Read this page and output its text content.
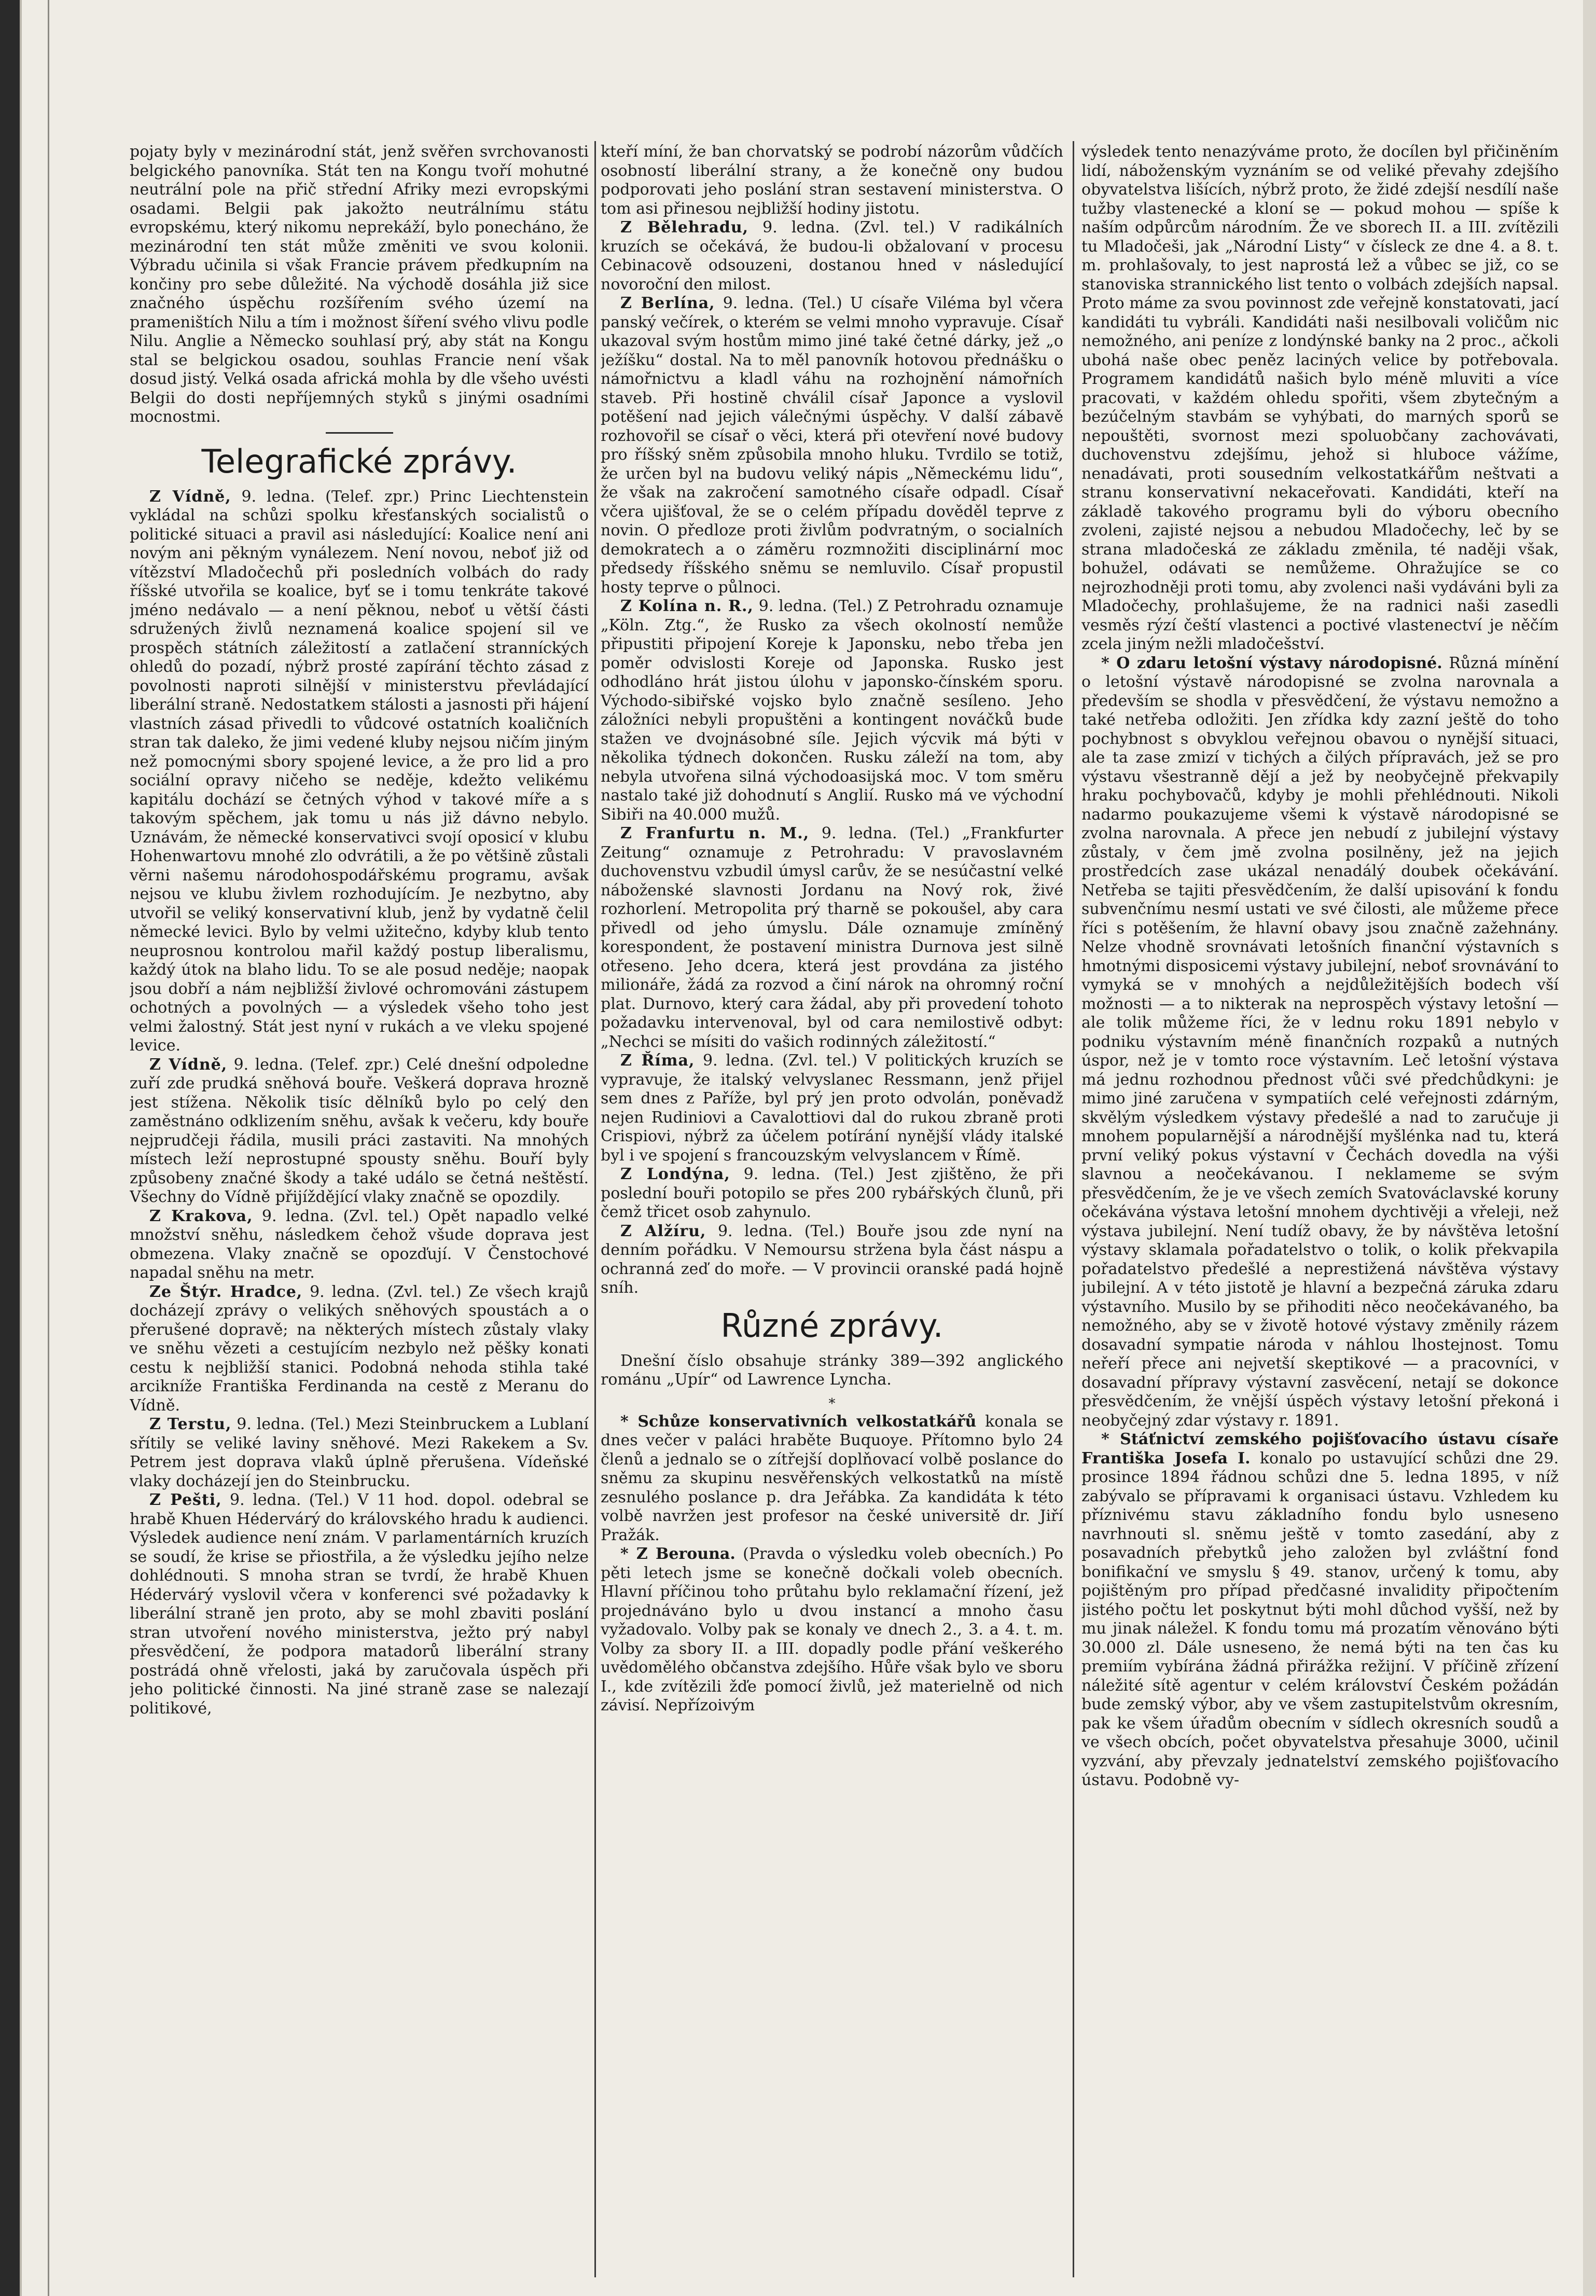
pojaty byly v mezinárodní stát, jenž svěřen svrchovanosti belgického panovníka. Stát ten na Kongu tvoří mohutné neutrální pole na přič střední Afriky mezi evropskými osadami. Belgii pak jakožto neutrálnímu státu evropskému, který nikomu neprekáží, bylo ponecháno, že mezinárodní ten stát může změniti ve svou kolonii. Výbradu učinila si však Francie právem předkupním na končiny pro sebe důležité. Na východě dosáhla již sice značného úspěchu rozšířením svého území na prameništích Nilu a tím i možnost šíření svého vlivu podle Nilu. Anglie a Německo souhlasí prý, aby stát na Kongu stal se belgickou osadou, souhlas Francie není však dosud jistý. Velká osada africká mohla by dle všeho uvésti Belgii do dosti nepříjemných styků s jinými osadními mocnostmi.

Telegrafické zprávy.

Z Vídně, 9. ledna. (Telef. zpr.) Princ Liechtenstein vykládal na schůzi spolku křesťanských socialistů o politické situaci a pravil asi následující: Koalice není ani novým ani pěkným vynálezem. Není novou, neboť již od vítězství Mladočechů při posledních volbách do rady říšské utvořila se koalice, byť se i tomu tenkráte takové jméno nedávalo — a není pěknou, neboť u větší části sdružených živlů neznamená koalice spojení sil ve prospěch státních záležitostí a zatlačení stranníckých ohledů do pozadí, nýbrž prosté zapírání těchto zásad z povolnosti naproti silnější v ministerstvu převládající liberální straně. Nedostatkem stálosti a jasnosti při hájení vlastních zásad přivedli to vůdcové ostatních koaličních stran tak daleko, že jimi vedené kluby nejsou ničím jiným než pomocnými sbory spojené levice, a že pro lid a pro sociální opravy ničeho se neděje, kdežto velikému kapitálu dochází se četných výhod v takové míře a s takovým spěchem, jak tomu u nás již dávno nebylo. Uznávám, že německé konservativci svojí oposicí v klubu Hohenwartovu mnohé zlo odvrátili, a že po většině zůstali věrni našemu národohospodářskému programu, avšak nejsou ve klubu živlem rozhodujícím. Je nezbytno, aby utvořil se veliký konservativní klub, jenž by vydatně čelil německé levici. Bylo by velmi užitečno, kdyby klub tento neuprosnou kontrolou mařil každý postup liberalismu, každý útok na blaho lidu. To se ale posud neděje; naopak jsou dobří a nám nejbližší živlové ochromováni zástupem ochotných a povolných — a výsledek všeho toho jest velmi žalostný. Stát jest nyní v rukách a ve vleku spojené levice.

Z Vídně, 9. ledna. (Telef. zpr.) Celé dnešní odpoledne zuří zde prudká sněhová bouře. Veškerá doprava hrozně jest stížena. Několik tisíc dělníků bylo po celý den zaměstnáno odklizením sněhu, avšak k večeru, kdy bouře nejprudčeji řádila, musili práci zastaviti. Na mnohých místech leží neprostupné spousty sněhu. Bouří byly způsobeny značné škody a také událo se četná neštěstí. Všechny do Vídně přijíždějící vlaky značně se opozdily.

Z Krakova, 9. ledna. (Zvl. tel.) Opět napadlo velké množství sněhu, následkem čehož všude doprava jest obmezena. Vlaky značně se opozďují. V Čenstochové napadal sněhu na metr.

Ze Štýr. Hradce, 9. ledna. (Zvl. tel.) Ze všech krajů docházejí zprávy o velikých sněhových spoustách a o přerušené dopravě; na některých místech zůstaly vlaky ve sněhu vězeti a cestujícím nezbylo než pěšky konati cestu k nejbližší stanici. Podobná nehoda stihla také arcikníže Františka Ferdinanda na cestě z Meranu do Vídně.

Z Terstu, 9. ledna. (Tel.) Mezi Steinbruckem a Lublaní sřítily se veliké laviny sněhové. Mezi Rakekem a Sv. Petrem jest doprava vlaků úplně přerušena. Vídeňské vlaky docházejí jen do Steinbrucku.

Z Pešti, 9. ledna. (Tel.) V 11 hod. dopol. odebral se hrabě Khuen Hédervárý do královského hradu k audienci. Výsledek audience není znám. V parlamentárních kruzích se soudí, že krise se přiostřila, a že výsledku jejího nelze dohlédnouti. S mnoha stran se tvrdí, že hrabě Khuen Hédervárý vyslovil včera v konferenci své požadavky k liberální straně jen proto, aby se mohl zbaviti poslání stran utvoření nového ministerstva, ježto prý nabyl přesvědčení, že podpora matadorů liberální strany postrádá ohně vřelosti, jaká by zaručovala úspěch při jeho politické činnosti. Na jiné straně zase se nalezají politikové,

kteří míní, že ban chorvatský se podrobí názorům vůdčích osobností liberální strany, a že konečně ony budou podporovati jeho poslání stran sestavení ministerstva. O tom asi přinesou nejbližší hodiny jistotu.

Z Bělehradu, 9. ledna. (Zvl. tel.) V radikálních kruzích se očekává, že budou-li obžalovaní v procesu Cebinacově odsouzeni, dostanou hned v následující novoroční den milost.

Z Berlína, 9. ledna. (Tel.) U císaře Viléma byl včera panský večírek, o kterém se velmi mnoho vypravuje. Císař ukazoval svým hostům mimo jiné také četné dárky, jež „o ježíšku“ dostal. Na to měl panovník hotovou přednášku o námořnictvu a kladl váhu na rozhojnění námořních staveb. Při hostině chválil císař Japonce a vyslovil potěšení nad jejich válečnými úspěchy. V další zábavě rozhovořil se císař o věci, která při otevření nové budovy pro říšský sněm způsobila mnoho hluku. Tvrdilo se totiž, že určen byl na budovu veliký nápis „Německému lidu“, že však na zakročení samotného císaře odpadl. Císař včera ujišťoval, že se o celém případu dověděl teprve z novin. O předloze proti živlům podvratným, o socialních demokratech a o záměru rozmnožiti disciplinární moc předsedy říšského sněmu se nemluvilo. Císař propustil hosty teprve o půlnoci.

Z Kolína n. R., 9. ledna. (Tel.) Z Petrohradu oznamuje „Köln. Ztg.“, že Rusko za všech okolností nemůže připustiti připojení Koreje k Japonsku, nebo třeba jen poměr odvislosti Koreje od Japonska. Rusko jest odhodláno hrát jistou úlohu v japonsko-čínském sporu. Východo-sibiřské vojsko bylo značně sesíleno. Jeho záložníci nebyli propuštěni a kontingent nováčků bude stažen ve dvojnásobné síle. Jejich výcvik má býti v několika týdnech dokončen. Rusku záleží na tom, aby nebyla utvořena silná východoasijská moc. V tom směru nastalo také již dohodnutí s Anglií. Rusko má ve východní Sibiři na 40.000 mužů.

Z Franfurtu n. M., 9. ledna. (Tel.) „Frankfurter Zeitung“ oznamuje z Petrohradu: V pravoslavném duchovenstvu vzbudil úmysl carův, že se nesúčastní velké náboženské slavnosti Jordanu na Nový rok, živé rozhorlení. Metropolita prý tharně se pokoušel, aby cara přivedl od jeho úmyslu. Dále oznamuje zmíněný korespondent, že postavení ministra Durnova jest silně otřeseno. Jeho dcera, která jest provdána za jistého milionáře, žádá za rozvod a činí nárok na ohromný roční plat. Durnovo, který cara žádal, aby při provedení tohoto požadavku intervenoval, byl od cara nemilostivě odbyt: „Nechci se mísiti do vašich rodinných záležitostí.“

Z Říma, 9. ledna. (Zvl. tel.) V politických kruzích se vypravuje, že italský velvyslanec Ressmann, jenž přijel sem dnes z Paříže, byl prý jen proto odvolán, poněvadž nejen Rudiniovi a Cavalottiovi dal do rukou zbraně proti Crispiovi, nýbrž za účelem potírání nynější vlády italské byl i ve spojení s francouzským velvyslancem v Římě.

Z Londýna, 9. ledna. (Tel.) Jest zjištěno, že při poslední bouři potopilo se přes 200 rybářských člunů, při čemž třicet osob zahynulo.

Z Alžíru, 9. ledna. (Tel.) Bouře jsou zde nyní na denním pořádku. V Nemoursu stržena byla část náspu a ochranná zeď do moře. — V provincii oranské padá hojně sníh.

Různé zprávy.

Dnešní číslo obsahuje stránky 389—392 anglického románu „Upír“ od Lawrence Lyncha.

*

* Schůze konservativních velkostatkářů konala se dnes večer v paláci hraběte Buquoye. Přítomno bylo 24 členů a jednalo se o zítřejší doplňovací volbě poslance do sněmu za skupinu nesvěřenských velkostatků na místě zesnulého poslance p. dra Jeřábka. Za kandidáta k této volbě navržen jest profesor na české universitě dr. Jiří Pražák.

* Z Berouna. (Pravda o výsledku voleb obecních.) Po pěti letech jsme se konečně dočkali voleb obecních. Hlavní příčinou toho průtahu bylo reklamační řízení, jež projednáváno bylo u dvou instancí a mnoho času vyžadovalo. Volby pak se konaly ve dnech 2., 3. a 4. t. m. Volby za sbory II. a III. dopadly podle přání veškerého uvědomělého občanstva zdejšího. Hůře však bylo ve sboru I., kde zvítězili žďe pomocí živlů, jež materielně od nich závisí. Nepřízoivým

výsledek tento nenazýváme proto, že docílen byl přičiněním lidí, náboženským vyznáním se od veliké převahy zdejšího obyvatelstva lišících, nýbrž proto, že židé zdejší nesdílí naše tužby vlastenecké a kloní se — pokud mohou — spíše k naším odpůrcům národním. Že ve sborech II. a III. zvítězili tu Mladočeši, jak „Národní Listy“ v čísleck ze dne 4. a 8. t. m. prohlašovaly, to jest naprostá lež a vůbec se již, co se stanoviska strannického list tento o volbách zdejších napsal. Proto máme za svou povinnost zde veřejně konstatovati, jací kandidáti tu vybráli. Kandidáti naši nesilbovali voličům nic nemožného, ani peníze z londýnské banky na 2 proc., ačkoli ubohá naše obec peněz laciných velice by potřebovala. Programem kandidátů našich bylo méně mluviti a více pracovati, v každém ohledu spořiti, všem zbytečným a bezúčelným stavbám se vyhýbati, do marných sporů se nepouštěti, svornost mezi spoluobčany zachovávati, duchovenstvu zdejšímu, jehož si hluboce vážíme, nenadávati, proti sousedním velkostatkářům neštvati a stranu konservativní nekaceřovati. Kandidáti, kteří na základě takového programu byli do výboru obecního zvoleni, zajisté nejsou a nebudou Mladočechy, leč by se strana mladočeská ze základu změnila, té naději však, bohužel, odávati se nemůžeme. Ohražujíce se co nejrozhodněji proti tomu, aby zvolenci naši vydáváni byli za Mladočechy, prohlašujeme, že na radnici naši zasedli vesměs rýzí čeští vlastenci a poctivé vlastenectví je něčím zcela jiným nežli mladočešství.

* O zdaru letošní výstavy národopisné. Různá mínění o letošní výstavě národopisné se zvolna narovnala a především se shodla v přesvědčení, že výstavu nemožno a také netřeba odložiti. Jen zřídka kdy zazní ještě do toho pochybnost s obvyklou veřejnou obavou o nynější situaci, ale ta zase zmizí v tichých a čilých přípravách, jež se pro výstavu všestranně dějí a jež by neobyčejně překvapily hraku pochybovačů, kdyby je mohli přehlédnouti. Nikoli nadarmo poukazujeme všemi k výstavě národopisné se zvolna narovnala. A přece jen nebudí z jubilejní výstavy zůstaly, v čem jmě zvolna posilněny, jež na jejich prostředcích zase ukázal nenadálý doubek očekávání. Netřeba se tajiti přesvědčením, že další upisování k fondu subvenčnímu nesmí ustati ve své čilosti, ale můžeme přece říci s potěšením, že hlavní obavy jsou značně zažehnány. Nelze vhodně srovnávati letošních finanční výstavních s hmotnými disposicemi výstavy jubilejní, neboť srovnávání to vymyká se v mnohých a nejdůležitějších bodech vší možnosti — a to nikterak na neprospěch výstavy letošní — ale tolik můžeme říci, že v lednu roku 1891 nebylo v podniku výstavním méně finančních rozpaků a nutných úspor, než je v tomto roce výstavním. Leč letošní výstava má jednu rozhodnou přednost vůči své předchůdkyni: je mimo jiné zaručena v sympatiích celé veřejnosti zdárným, skvělým výsledkem výstavy předešlé a nad to zaručuje ji mnohem popularnější a národnější myšlénka nad tu, která první veliký pokus výstavní v Čechách dovedla na výši slavnou a neočekávanou. I neklameme se svým přesvědčením, že je ve všech zemích Svatováclavské koruny očekávána výstava letošní mnohem dychtivěji a vřeleji, než výstava jubilejní. Není tudíž obavy, že by návštěva letošní výstavy sklamala pořadatelstvo o tolik, o kolik překvapila pořadatelstvo předešlé a neprestižená návštěva výstavy jubilejní. A v této jistotě je hlavní a bezpečná záruka zdaru výstavního. Musilo by se přihoditi něco neočekávaného, ba nemožného, aby se v životě hotové výstavy změnily rázem dosavadní sympatie národa v náhlou lhostejnost. Tomu neřeří přece ani nejvetší skeptikové — a pracovníci, v dosavadní přípravy výstavní zasvěcení, netají se dokonce přesvědčením, že vnější úspěch výstavy letošní překoná i neobyčejný zdar výstavy r. 1891.

* Stáťnictví zemského pojišťovacího ústavu císaře Františka Josefa I. konalo po ustavující schůzi dne 29. prosince 1894 řádnou schůzi dne 5. ledna 1895, v níž zabývalo se přípravami k organisaci ústavu. Vzhledem ku příznivému stavu základního fondu bylo usneseno navrhnouti sl. sněmu ještě v tomto zasedání, aby z posavadních přebytků jeho založen byl zvláštní fond bonifikační ve smyslu § 49. stanov, určený k tomu, aby pojištěným pro případ předčasné invalidity připočtením jistého počtu let poskytnut býti mohl důchod vyšší, než by mu jinak náležel. K fondu tomu má prozatím věnováno býti 30.000 zl. Dále usneseno, že nemá býti na ten čas ku premiím vybírána žádná přirážka režijní. V příčině zřízení náležité sítě agentur v celém království Českém požádán bude zemský výbor, aby ve všem zastupitelstvům okresním, pak ke všem úřadům obecním v sídlech okresních soudů a ve všech obcích, počet obyvatelstva přesahuje 3000, učinil vyzvání, aby převzaly jednatelství zemského pojišťovacího ústavu. Podobně vy-
